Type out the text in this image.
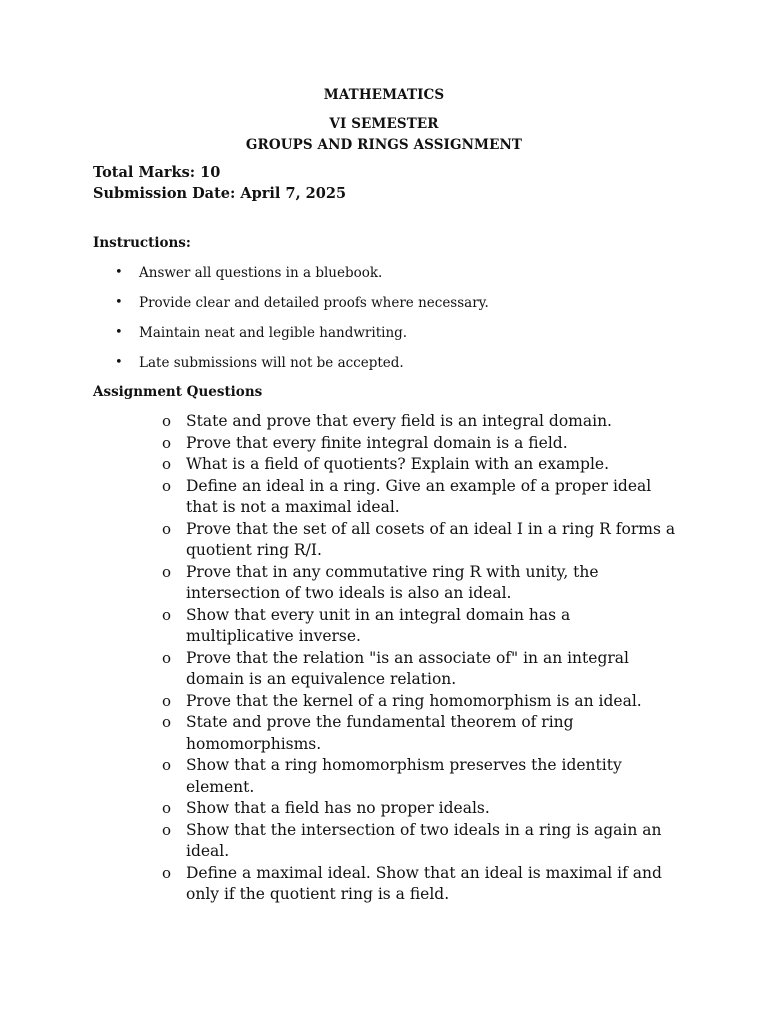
MATHEMATICS
VI SEMESTER
GROUPS AND RINGS ASSIGNMENT
Total Marks: 10
Submission Date: April 7, 2025
Instructions:
• Answer all questions in a bluebook.
• Provide clear and detailed proofs where necessary.
• Maintain neat and legible handwriting.
• Late submissions will not be accepted.
Assignment Questions
o State and prove that every field is an integral domain.
o Prove that every finite integral domain is a field.
o What is a field of quotients? Explain with an example.
o Define an ideal in a ring. Give an example of a proper ideal that is not a maximal ideal.
o Prove that the set of all cosets of an ideal I in a ring R forms a quotient ring R/I.
o Prove that in any commutative ring R with unity, the intersection of two ideals is also an ideal.
o Show that every unit in an integral domain has a multiplicative inverse.
o Prove that the relation "is an associate of" in an integral domain is an equivalence relation.
o Prove that the kernel of a ring homomorphism is an ideal.
o State and prove the fundamental theorem of ring homomorphisms.
o Show that a ring homomorphism preserves the identity element.
o Show that a field has no proper ideals.
o Show that the intersection of two ideals in a ring is again an ideal.
o Define a maximal ideal. Show that an ideal is maximal if and only if the quotient ring is a field.
